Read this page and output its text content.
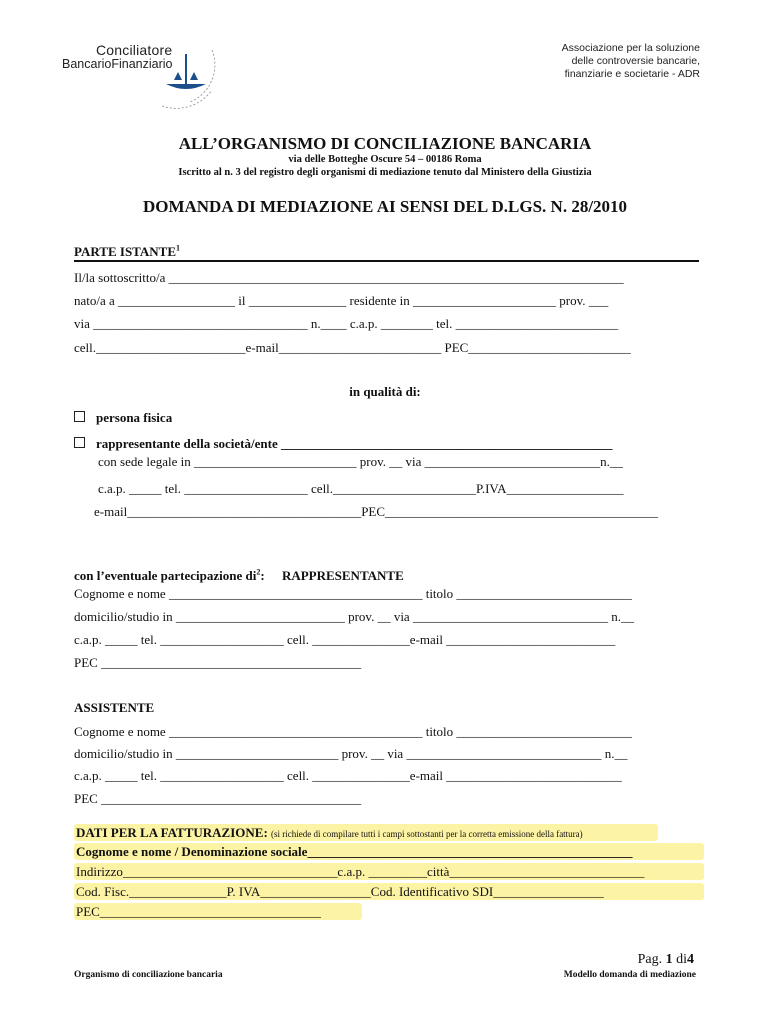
Conciliatore
BancarioFinanziario
Associazione per la soluzione
delle controversie bancarie,
finanziarie e societarie - ADR
ALL’ORGANISMO DI CONCILIAZIONE BANCARIA
via delle Botteghe Oscure 54 – 00186 Roma
Iscritto al n. 3 del registro degli organismi di mediazione tenuto dal Ministero della Giustizia
DOMANDA DI MEDIAZIONE AI SENSI DEL D.LGS. N. 28/2010
PARTE ISTANTE$^1$
Il/la sottoscritto/a ______________________________________________________________________
nato/a a __________________ il _______________ residente in ______________________ prov. ___
via _________________________________ n.____ c.a.p. ________ tel. _________________________
cell._______________________e-mail_________________________ PEC_________________________
in qualità di:
persona fisica
rappresentante della società/ente ___________________________________________________
con sede legale in _________________________ prov. __ via ___________________________n.__
c.a.p. _____ tel. ___________________ cell.______________________P.IVA__________________
e-mail____________________________________PEC__________________________________________
con l’eventuale partecipazione $di^2$: RAPPRESENTANTE
Cognome e nome _______________________________________ titolo ___________________________
domicilio/studio in __________________________ prov. __ via ______________________________ n.__
c.a.p. _____ tel. ___________________ cell. _______________e-mail __________________________
PEC ________________________________________
ASSISTENTE
Cognome e nome _______________________________________ titolo ___________________________
domicilio/studio in _________________________ prov. __ via ______________________________ n.__
c.a.p. _____ tel. ___________________ cell. _______________e-mail ___________________________
PEC ________________________________________
DATI PER LA FATTURAZIONE: (si richiede di compilare tutti i campi sottostanti per la corretta emissione della fattura)
Cognome e nome / Denominazione sociale__________________________________________________
Indirizzo_________________________________c.a.p. _________città______________________________
Cod. Fisc._______________P. IVA_________________Cod. Identificativo SDI_________________
PEC__________________________________
Pag. 1 di4
Organismo di conciliazione bancaria	Modello domanda di mediazione
